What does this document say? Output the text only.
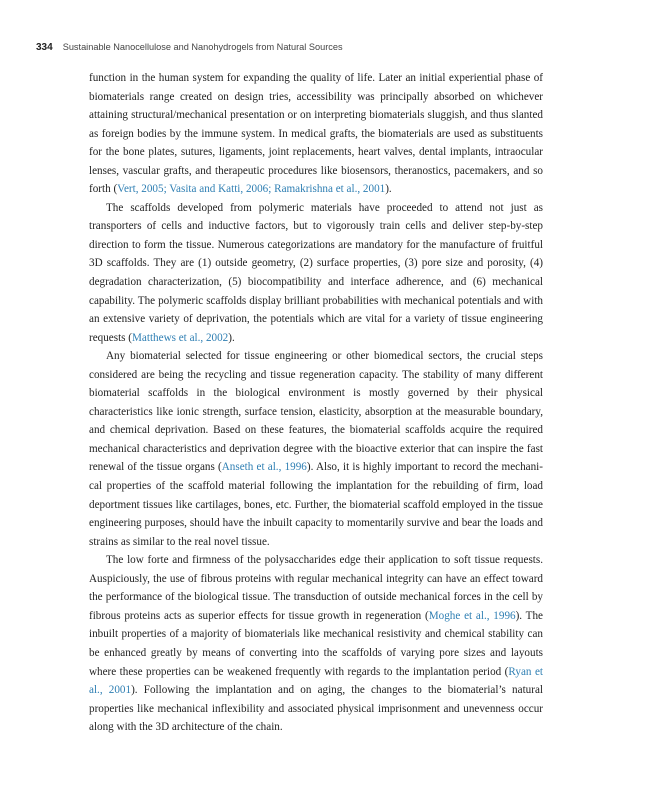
334 Sustainable Nanocellulose and Nanohydrogels from Natural Sources

function in the human system for expanding the quality of life. Later an initial experiential phase of biomaterials range created on design tries, accessibility was principally absorbed on whichever attaining structural/mechanical presentation or on interpreting biomaterials sluggish, and thus slanted as foreign bodies by the immune system. In medical grafts, the biomaterials are used as substituents for the bone plates, sutures, ligaments, joint replacements, heart valves, dental implants, intraocular lenses, vascular grafts, and therapeutic procedures like biosensors, theranostics, pacemakers, and so forth (Vert, 2005; Vasita and Katti, 2006; Ramakrishna et al., 2001).

The scaffolds developed from polymeric materials have proceeded to attend not just as transporters of cells and inductive factors, but to vigorously train cells and deliver step-by-step direction to form the tissue. Numerous categorizations are mandatory for the manufacture of fruitful 3D scaffolds. They are (1) outside geometry, (2) surface properties, (3) pore size and porosity, (4) degradation characterization, (5) biocompatibility and interface adherence, and (6) mechanical capability. The polymeric scaffolds display brilliant probabilities with mechanical potentials and with an extensive variety of deprivation, the potentials which are vital for a variety of tissue engineering requests (Matthews et al., 2002).

Any biomaterial selected for tissue engineering or other biomedical sectors, the crucial steps considered are being the recycling and tissue regeneration capacity. The stability of many different biomaterial scaffolds in the biological environment is mostly governed by their physical characteristics like ionic strength, surface tension, elasticity, absorption at the measurable boundary, and chemical deprivation. Based on these features, the biomaterial scaffolds acquire the required mechanical characteristics and deprivation degree with the bioactive exterior that can inspire the fast renewal of the tissue organs (Anseth et al., 1996). Also, it is highly important to record the mechanical properties of the scaffold material following the implantation for the rebuilding of firm, load deportment tissues like cartilages, bones, etc. Further, the biomaterial scaffold employed in the tissue engineering purposes, should have the inbuilt capacity to momentarily survive and bear the loads and strains as similar to the real novel tissue.

The low forte and firmness of the polysaccharides edge their application to soft tissue requests. Auspiciously, the use of fibrous proteins with regular mechanical integrity can have an effect toward the performance of the biological tissue. The transduction of outside mechanical forces in the cell by fibrous proteins acts as superior effects for tissue growth in regeneration (Moghe et al., 1996). The inbuilt properties of a majority of biomaterials like mechanical resistivity and chemical stability can be enhanced greatly by means of converting into the scaffolds of varying pore sizes and layouts where these properties can be weakened frequently with regards to the implantation period (Ryan et al., 2001). Following the implantation and on aging, the changes to the biomaterial’s natural properties like mechanical inflexibility and associated physical imprisonment and unevenness occur along with the 3D architecture of the chain.
